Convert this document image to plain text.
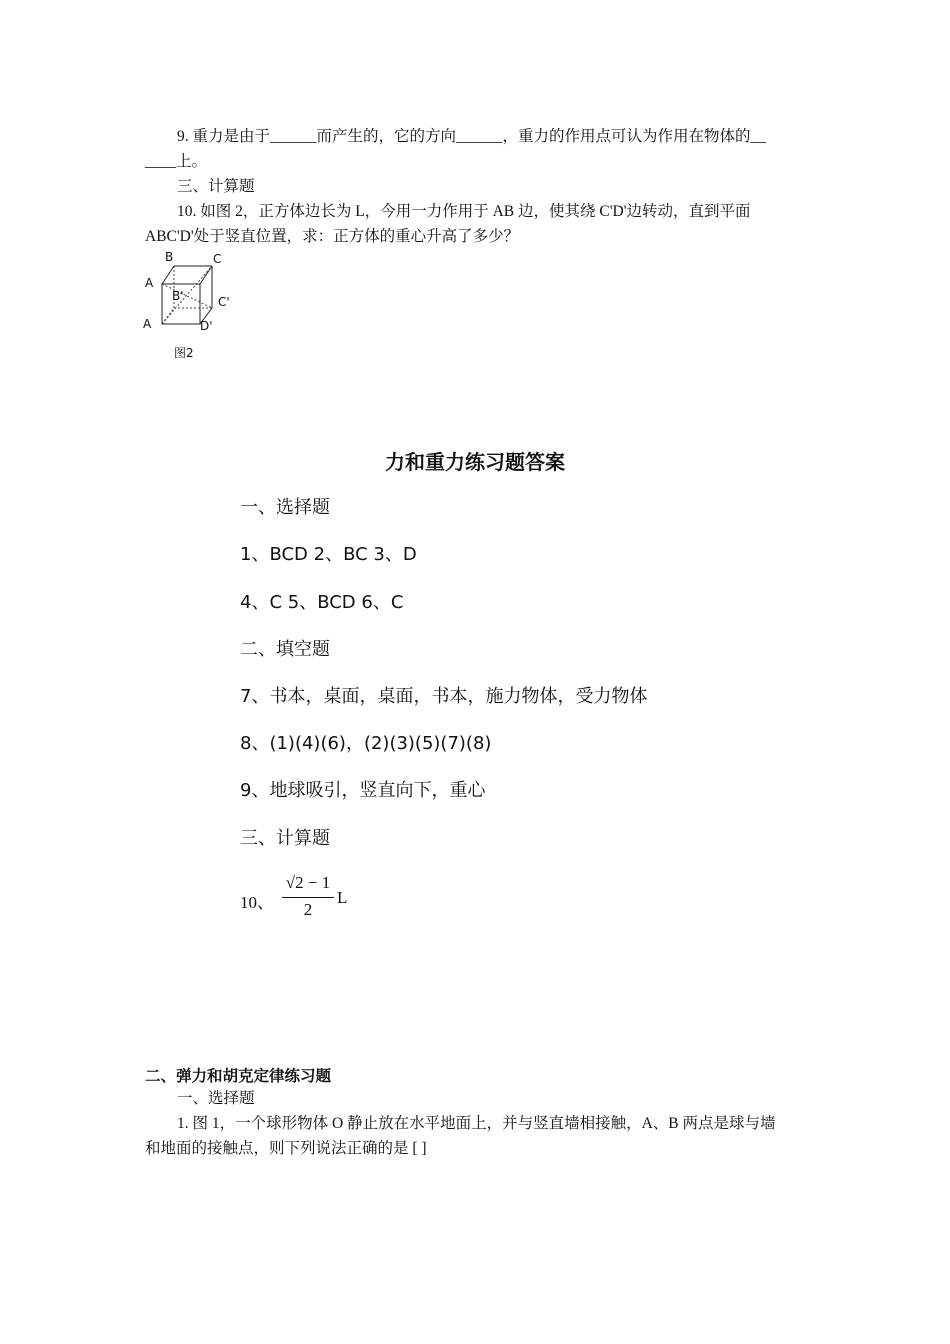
9. 重力是由于______而产生的，它的方向______，重力的作用点可认为作用在物体的__
____上。
三、计算题
10. 如图 2，正方体边长为 L，今用一力作用于 AB 边，使其绕 C'D'边转动，直到平面
ABC'D'处于竖直位置，求：正方体的重心升高了多少？
B	C
A
B'	C'
A	D'
图2
力和重力练习题答案
一、选择题
1、BCD 2、BC 3、D
4、C 5、BCD 6、C
二、填空题
7、书本，桌面，桌面，书本，施力物体，受力物体
8、(1)(4)(6)，(2)(3)(5)(7)(8)
9、地球吸引，竖直向下，重心
三、计算题
10、
√2 − 1
2
L
二、弹力和胡克定律练习题
一、选择题
1. 图 1，一个球形物体 O 静止放在水平地面上，并与竖直墙相接触，A、B 两点是球与墙
和地面的接触点，则下列说法正确的是 [ ]
